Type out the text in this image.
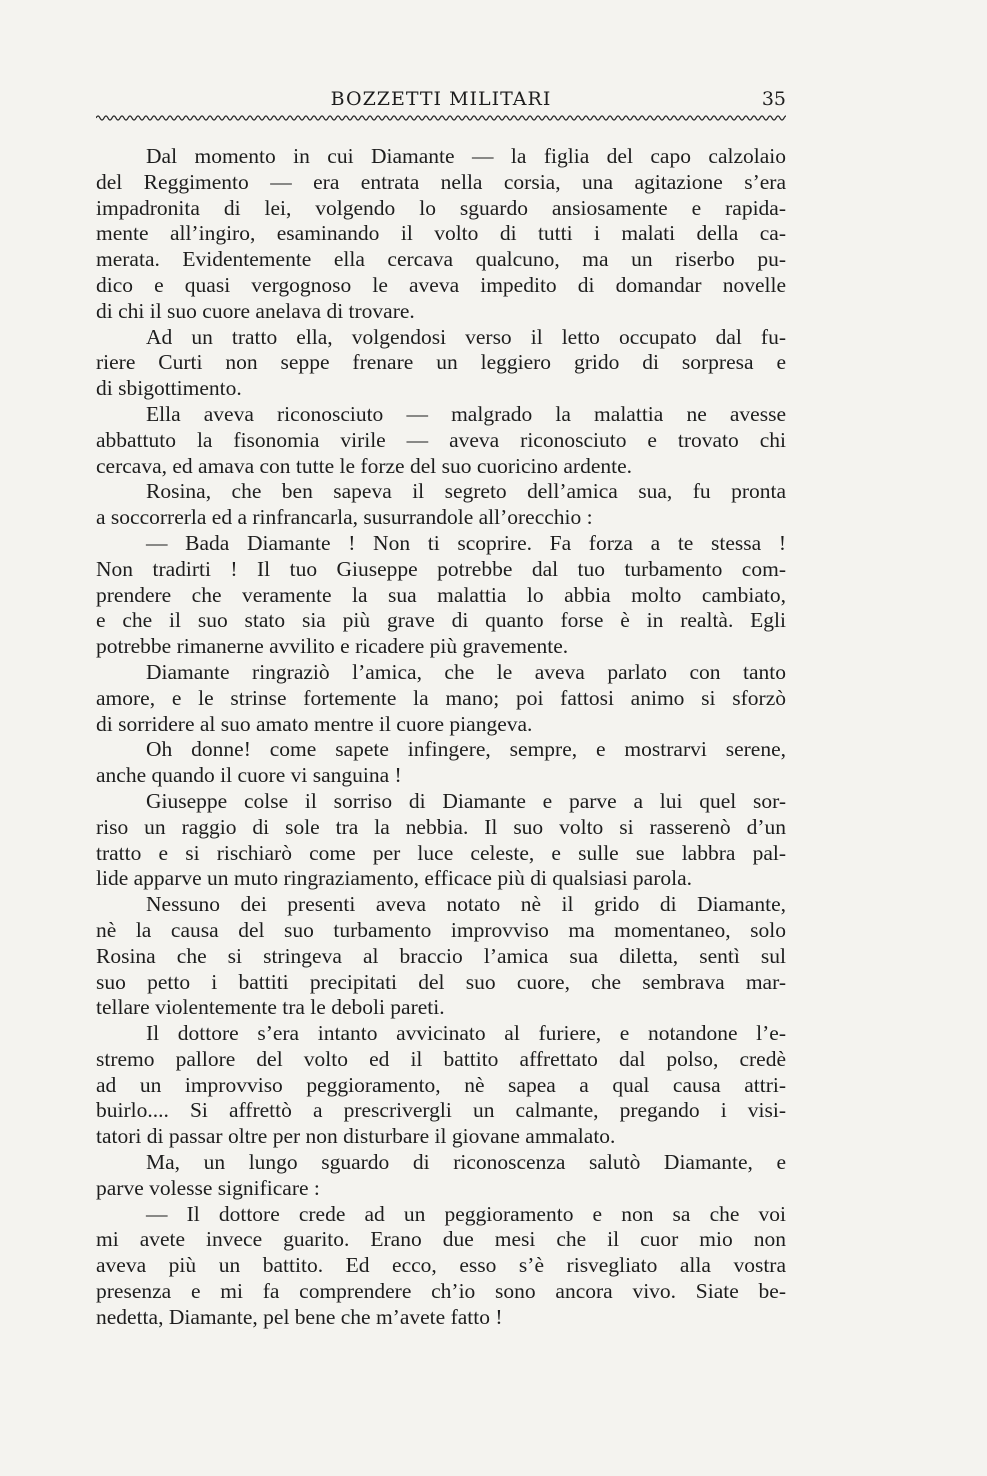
BOZZETTI MILITARI	35
Dal momento in cui Diamante — la figlia del capo calzolaio
del Reggimento — era entrata nella corsia, una agitazione s’era
impadronita di lei, volgendo lo sguardo ansiosamente e rapida-
mente all’ingiro, esaminando il volto di tutti i malati della ca-
merata. Evidentemente ella cercava qualcuno, ma un riserbo pu-
dico e quasi vergognoso le aveva impedito di domandar novelle
di chi il suo cuore anelava di trovare.
Ad un tratto ella, volgendosi verso il letto occupato dal fu-
riere Curti non seppe frenare un leggiero grido di sorpresa e
di sbigottimento.
Ella aveva riconosciuto — malgrado la malattia ne avesse
abbattuto la fisonomia virile — aveva riconosciuto e trovato chi
cercava, ed amava con tutte le forze del suo cuoricino ardente.
Rosina, che ben sapeva il segreto dell’amica sua, fu pronta
a soccorrerla ed a rinfrancarla, susurrandole all’orecchio :
— Bada Diamante ! Non ti scoprire. Fa forza a te stessa !
Non tradirti ! Il tuo Giuseppe potrebbe dal tuo turbamento com-
prendere che veramente la sua malattia lo abbia molto cambiato,
e che il suo stato sia più grave di quanto forse è in realtà. Egli
potrebbe rimanerne avvilito e ricadere più gravemente.
Diamante ringraziò l’amica, che le aveva parlato con tanto
amore, e le strinse fortemente la mano; poi fattosi animo si sforzò
di sorridere al suo amato mentre il cuore piangeva.
Oh donne! come sapete infingere, sempre, e mostrarvi serene,
anche quando il cuore vi sanguina !
Giuseppe colse il sorriso di Diamante e parve a lui quel sor-
riso un raggio di sole tra la nebbia. Il suo volto si rasserenò d’un
tratto e si rischiarò come per luce celeste, e sulle sue labbra pal-
lide apparve un muto ringraziamento, efficace più di qualsiasi parola.
Nessuno dei presenti aveva notato nè il grido di Diamante,
nè la causa del suo turbamento improvviso ma momentaneo, solo
Rosina che si stringeva al braccio l’amica sua diletta, sentì sul
suo petto i battiti precipitati del suo cuore, che sembrava mar-
tellare violentemente tra le deboli pareti.
Il dottore s’era intanto avvicinato al furiere, e notandone l’e-
stremo pallore del volto ed il battito affrettato dal polso, credè
ad un improvviso peggioramento, nè sapea a qual causa attri-
buirlo.... Si affrettò a prescrivergli un calmante, pregando i visi-
tatori di passar oltre per non disturbare il giovane ammalato.
Ma, un lungo sguardo di riconoscenza salutò Diamante, e
parve volesse significare :
— Il dottore crede ad un peggioramento e non sa che voi
mi avete invece guarito. Erano due mesi che il cuor mio non
aveva più un battito. Ed ecco, esso s’è risvegliato alla vostra
presenza e mi fa comprendere ch’io sono ancora vivo. Siate be-
nedetta, Diamante, pel bene che m’avete fatto !
